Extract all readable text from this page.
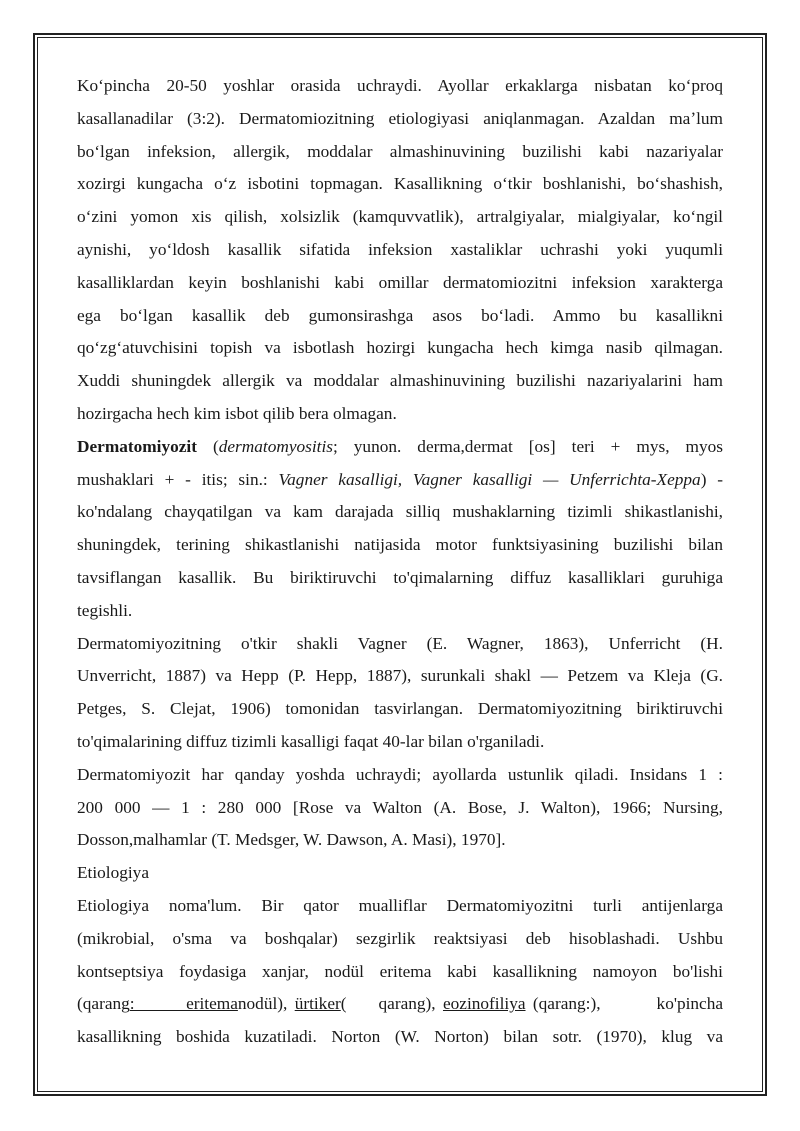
Koʻpincha 20-50 yoshlar orasida uchraydi. Ayollar erkaklarga nisbatan koʻproq

kasallanadilar (3:2). Dermatomiozitning etiologiyasi aniqlanmagan. Azaldan maʼlum

boʻlgan infeksion, allergik, moddalar almashinuvining buzilishi kabi nazariyalar

xozirgi kungacha oʻz isbotini topmagan. Kasallikning oʻtkir boshlanishi, boʻshashish,

oʻzini yomon xis qilish, xolsizlik (kamquvvatlik), artralgiyalar, mialgiyalar, koʻngil

aynishi, yoʻldosh kasallik sifatida infeksion xastaliklar uchrashi yoki yuqumli

kasalliklardan keyin boshlanishi kabi omillar dermatomiozitni infeksion xarakterga

ega boʻlgan kasallik deb gumonsirashga asos boʻladi. Ammo bu kasallikni

qoʻzgʻatuvchisini topish va isbotlash hozirgi kungacha hech kimga nasib qilmagan.

Xuddi shuningdek allergik va moddalar almashinuvining buzilishi nazariyalarini ham

hozirgacha hech kim isbot qilib bera olmagan.

Dermatomiyozit (dermatomyositis; yunon. derma,dermat [os] teri + mys, myos

mushaklari + - itis; sin.: Vagner kasalligi, Vagner kasalligi — Unferrichta-Xeppa) -

ko'ndalang chayqatilgan va kam darajada silliq mushaklarning tizimli shikastlanishi,

shuningdek, terining shikastlanishi natijasida motor funktsiyasining buzilishi bilan

tavsiflangan kasallik. Bu biriktiruvchi to'qimalarning diffuz kasalliklari guruhiga

tegishli.

Dermatomiyozitning o'tkir shakli Vagner (E. Wagner, 1863), Unferricht (H.

Unverricht, 1887) va Hepp (P. Hepp, 1887), surunkali shakl — Petzem va Kleja (G.

Petges, S. Clejat, 1906) tomonidan tasvirlangan. Dermatomiyozitning biriktiruvchi

to'qimalarining diffuz tizimli kasalligi faqat 40-lar bilan o'rganiladi.

Dermatomiyozit har qanday yoshda uchraydi; ayollarda ustunlik qiladi. Insidans 1 :

200 000 — 1 : 280 000 [Rose va Walton (A. Bose, J. Walton), 1966; Nursing,

Dosson,malhamlar (T. Medsger, W. Dawson, A. Masi), 1970].

Etiologiya

Etiologiya noma'lum. Bir qator mualliflar Dermatomiyozitni turli antijenlarga

(mikrobial, o'sma va boshqalar) sezgirlik reaktsiyasi deb hisoblashadi. Ushbu

kontseptsiya foydasiga xanjar, nodül eritema kabi kasallikning namoyon bo'lishi

(qarang:       eritemanodül), ürtiker( qarang), eozinofiliya (qarang:),	ko'pincha

kasallikning boshida kuzatiladi. Norton (W. Norton) bilan sotr. (1970), klug va
